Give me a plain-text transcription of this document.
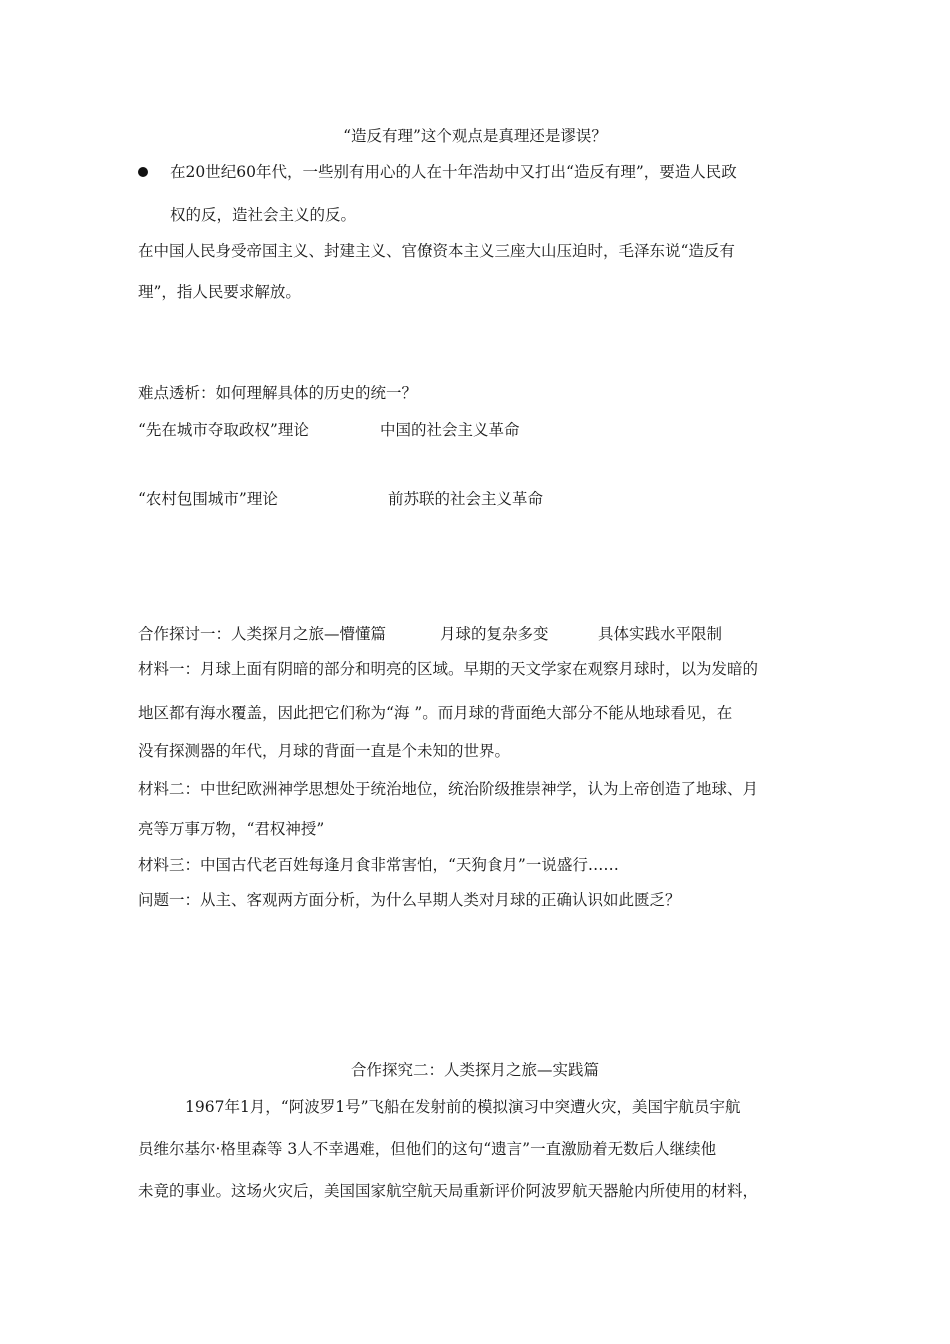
“造反有理”这个观点是真理还是谬误？
在20世纪60年代，一些别有用心的人在十年浩劫中又打出“造反有理”，要造人民政
权的反，造社会主义的反。
在中国人民身受帝国主义、封建主义、官僚资本主义三座大山压迫时，毛泽东说“造反有
理”，指人民要求解放。
难点透析：如何理解具体的历史的统一？
“先在城市夺取政权”理论	中国的社会主义革命
“农村包围城市”理论	前苏联的社会主义革命
合作探讨一：人类探月之旅—懵懂篇	月球的复杂多变	具体实践水平限制
材料一：月球上面有阴暗的部分和明亮的区域。早期的天文学家在观察月球时，以为发暗的
地区都有海水覆盖，因此把它们称为“海 ”。而月球的背面绝大部分不能从地球看见，在
没有探测器的年代，月球的背面一直是个未知的世界。
材料二：中世纪欧洲神学思想处于统治地位，统治阶级推崇神学，认为上帝创造了地球、月
亮等万事万物，“君权神授”
材料三：中国古代老百姓每逢月食非常害怕，“天狗食月”一说盛行……
问题一：从主、客观两方面分析，为什么早期人类对月球的正确认识如此匮乏？
合作探究二：人类探月之旅—实践篇
1967年1月，“阿波罗1号”飞船在发射前的模拟演习中突遭火灾，美国宇航员宇航
员维尔基尔·格里森等 3人不幸遇难，但他们的这句“遗言”一直激励着无数后人继续他
未竟的事业。这场火灾后，美国国家航空航天局重新评价阿波罗航天器舱内所使用的材料，
